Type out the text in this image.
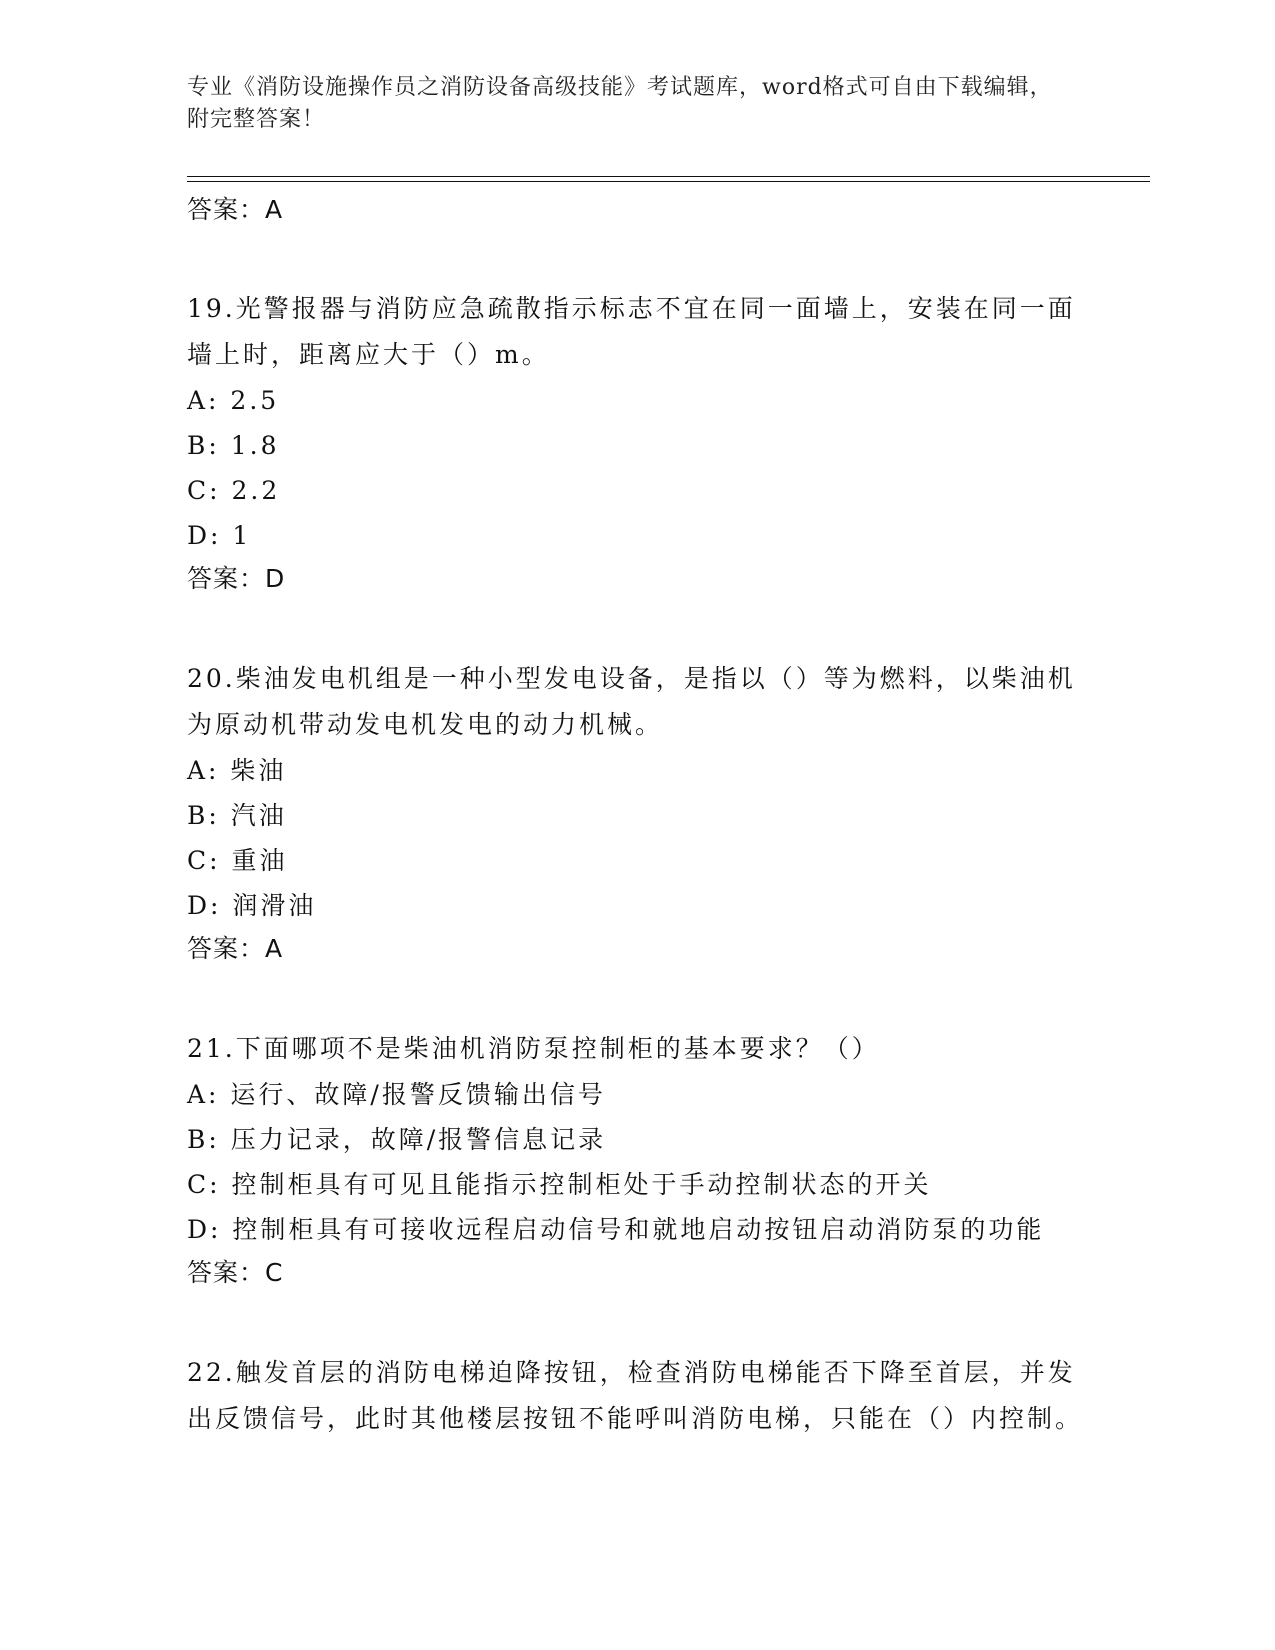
专业《消防设施操作员之消防设备高级技能》考试题库，word格式可自由下载编辑，附完整答案！

答案：A

19.光警报器与消防应急疏散指示标志不宜在同一面墙上，安装在同一面墙上时，距离应大于（）m。

A: 2.5

B: 1.8

C: 2.2

D: 1

答案：D

20.柴油发电机组是一种小型发电设备，是指以（）等为燃料，以柴油机为原动机带动发电机发电的动力机械。

A: 柴油

B: 汽油

C: 重油

D: 润滑油

答案：A

21.下面哪项不是柴油机消防泵控制柜的基本要求？（）

A: 运行、故障/报警反馈输出信号

B: 压力记录，故障/报警信息记录

C: 控制柜具有可见且能指示控制柜处于手动控制状态的开关

D: 控制柜具有可接收远程启动信号和就地启动按钮启动消防泵的功能

答案：C

22.触发首层的消防电梯迫降按钮，检查消防电梯能否下降至首层，并发出反馈信号，此时其他楼层按钮不能呼叫消防电梯，只能在（）内控制。
